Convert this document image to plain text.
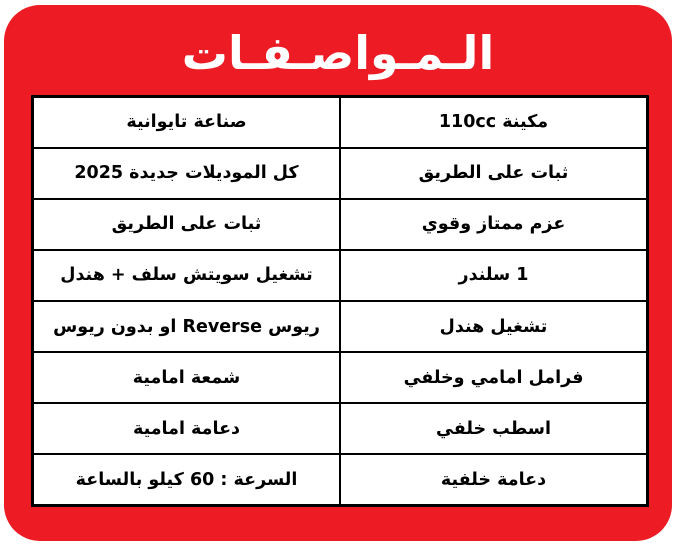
الـمـواصـفـات
مكينة 110cc	صناعة تايوانية
ثبات على الطريق	كل الموديلات جديدة 2025
عزم ممتاز وقوي	ثبات على الطريق
1 سلندر	تشغيل سويتش سلف + هندل
تشغيل هندل	ريوس Reverse او بدون ريوس
فرامل امامي وخلفي	شمعة امامية
اسطب خلفي	دعامة امامية
دعامة خلفية	السرعة : 60 كيلو بالساعة
